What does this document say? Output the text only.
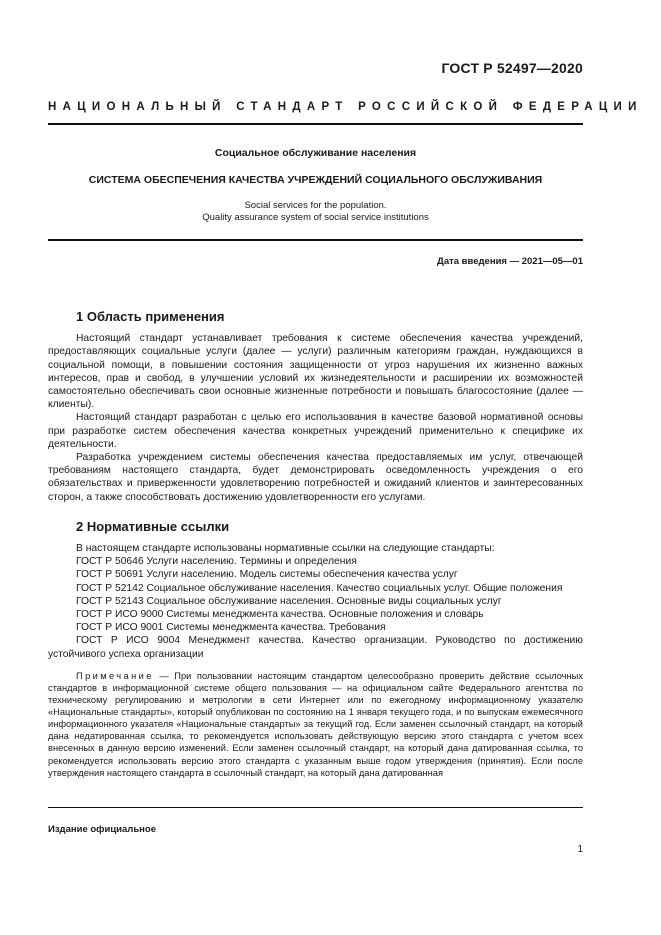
ГОСТ Р 52497—2020
НАЦИОНАЛЬНЫЙ СТАНДАРТ РОССИЙСКОЙ ФЕДЕРАЦИИ
Социальное обслуживание населения
СИСТЕМА ОБЕСПЕЧЕНИЯ КАЧЕСТВА УЧРЕЖДЕНИЙ СОЦИАЛЬНОГО ОБСЛУЖИВАНИЯ
Social services for the population.
Quality assurance system of social service institutions
Дата введения — 2021—05—01
1 Область применения

Настоящий стандарт устанавливает требования к системе обеспечения качества учреждений, предоставляющих социальные услуги (далее — услуги) различным категориям граждан, нуждающихся в социальной помощи, в повышении состояния защищенности от угроз нарушения их жизненно важных интересов, прав и свобод, в улучшении условий их жизнедеятельности и расширении их возможностей самостоятельно обеспечивать свои основные жизненные потребности и повышать благосостояние (далее — клиенты).

Настоящий стандарт разработан с целью его использования в качестве базовой нормативной основы при разработке систем обеспечения качества конкретных учреждений применительно к специфике их деятельности.

Разработка учреждением системы обеспечения качества предоставляемых им услуг, отвечающей требованиям настоящего стандарта, будет демонстрировать осведомленность учреждения о его обязательствах и приверженности удовлетворению потребностей и ожиданий клиентов и заинтересованных сторон, а также способствовать достижению удовлетворенности его услугами.

2 Нормативные ссылки

В настоящем стандарте использованы нормативные ссылки на следующие стандарты:

ГОСТ Р 50646 Услуги населению. Термины и определения

ГОСТ Р 50691 Услуги населению. Модель системы обеспечения качества услуг

ГОСТ Р 52142 Социальное обслуживание населения. Качество социальных услуг. Общие положения

ГОСТ Р 52143 Социальное обслуживание населения. Основные виды социальных услуг

ГОСТ Р ИСО 9000 Системы менеджмента качества. Основные положения и словарь

ГОСТ Р ИСО 9001 Системы менеджмента качества. Требования

ГОСТ Р ИСО 9004 Менеджмент качества. Качество организации. Руководство по достижению устойчивого успеха организации

Примечание — При пользовании настоящим стандартом целесообразно проверить действие ссылочных стандартов в информационной системе общего пользования — на официальном сайте Федерального агентства по техническому регулированию и метрологии в сети Интернет или по ежегодному информационному указателю «Национальные стандарты», который опубликован по состоянию на 1 января текущего года, и по выпускам ежемесячного информационного указателя «Национальные стандарты» за текущий год. Если заменен ссылочный стандарт, на который дана недатированная ссылка, то рекомендуется использовать действующую версию этого стандарта с учетом всех внесенных в данную версию изменений. Если заменен ссылочный стандарт, на который дана датированная ссылка, то рекомендуется использовать версию этого стандарта с указанным выше годом утверждения (принятия). Если после утверждения настоящего стандарта в ссылочный стандарт, на который дана датированная

Издание официальное
1
